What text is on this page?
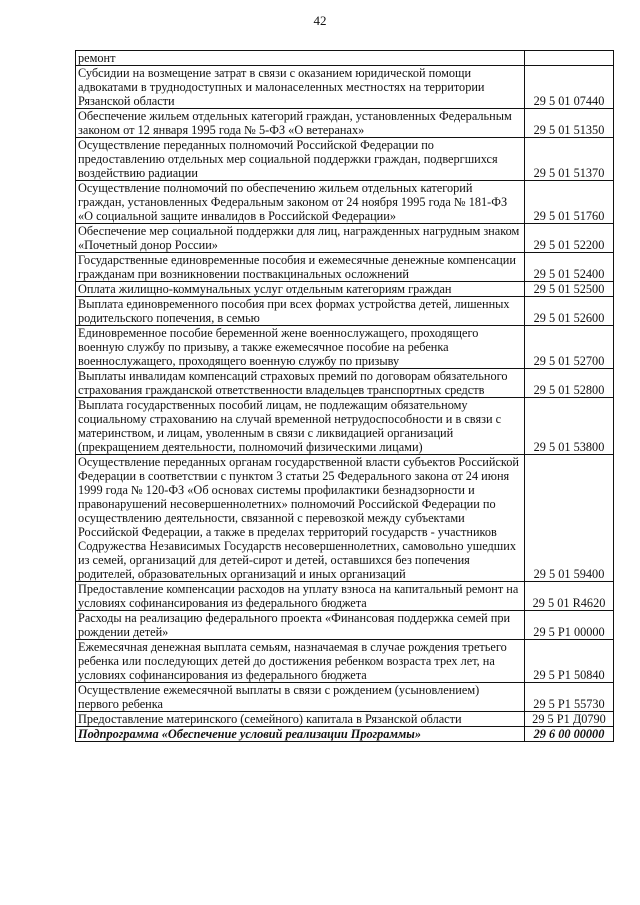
42
ремонт	
Субсидии на возмещение затрат в связи с оказанием юридической помощи адвокатами в труднодоступных и малонаселенных местностях на территории Рязанской области	29 5 01 07440
Обеспечение жильем отдельных категорий граждан, установленных Федеральным законом от 12 января 1995 года № 5-ФЗ «О ветеранах»	29 5 01 51350
Осуществление переданных полномочий Российской Федерации по предоставлению отдельных мер социальной поддержки граждан, подвергшихся воздействию радиации	29 5 01 51370
Осуществление полномочий по обеспечению жильем отдельных категорий граждан, установленных Федеральным законом от 24 ноября 1995 года № 181-ФЗ «О социальной защите инвалидов в Российской Федерации»	29 5 01 51760
Обеспечение мер социальной поддержки для лиц, награжденных нагрудным знаком «Почетный донор России»	29 5 01 52200
Государственные единовременные пособия и ежемесячные денежные компенсации гражданам при возникновении поствакцинальных осложнений	29 5 01 52400
Оплата жилищно-коммунальных услуг отдельным категориям граждан	29 5 01 52500
Выплата единовременного пособия при всех формах устройства детей, лишенных родительского попечения, в семью	29 5 01 52600
Единовременное пособие беременной жене военнослужащего, проходящего военную службу по призыву, а также ежемесячное пособие на ребенка военнослужащего, проходящего военную службу по призыву	29 5 01 52700
Выплаты инвалидам компенсаций страховых премий по договорам обязательного страхования гражданской ответственности владельцев транспортных средств	29 5 01 52800
Выплата государственных пособий лицам, не подлежащим обязательному социальному страхованию на случай временной нетрудоспособности и в связи с материнством, и лицам, уволенным в связи с ликвидацией организаций (прекращением деятельности, полномочий физическими лицами)	29 5 01 53800
Осуществление переданных органам государственной власти субъектов Российской Федерации в соответствии с пунктом 3 статьи 25 Федерального закона от 24 июня 1999 года № 120-ФЗ «Об основах системы профилактики безнадзорности и правонарушений несовершеннолетних» полномочий Российской Федерации по осуществлению деятельности, связанной с перевозкой между субъектами Российской Федерации, а также в пределах территорий государств - участников Содружества Независимых Государств несовершеннолетних, самовольно ушедших из семей, организаций для детей-сирот и детей, оставшихся без попечения родителей, образовательных организаций и иных организаций	29 5 01 59400
Предоставление компенсации расходов на уплату взноса на капитальный ремонт на условиях софинансирования из федерального бюджета	29 5 01 R4620
Расходы на реализацию федерального проекта «Финансовая поддержка семей при рождении детей»	29 5 P1 00000
Ежемесячная денежная выплата семьям, назначаемая в случае рождения третьего ребенка или последующих детей до достижения ребенком возраста трех лет, на условиях софинансирования из федерального бюджета	29 5 P1 50840
Осуществление ежемесячной выплаты в связи с рождением (усыновлением) первого ребенка	29 5 P1 55730
Предоставление материнского (семейного) капитала в Рязанской области	29 5 P1 Д0790
Подпрограмма «Обеспечение условий реализации Программы»	29 6 00 00000
